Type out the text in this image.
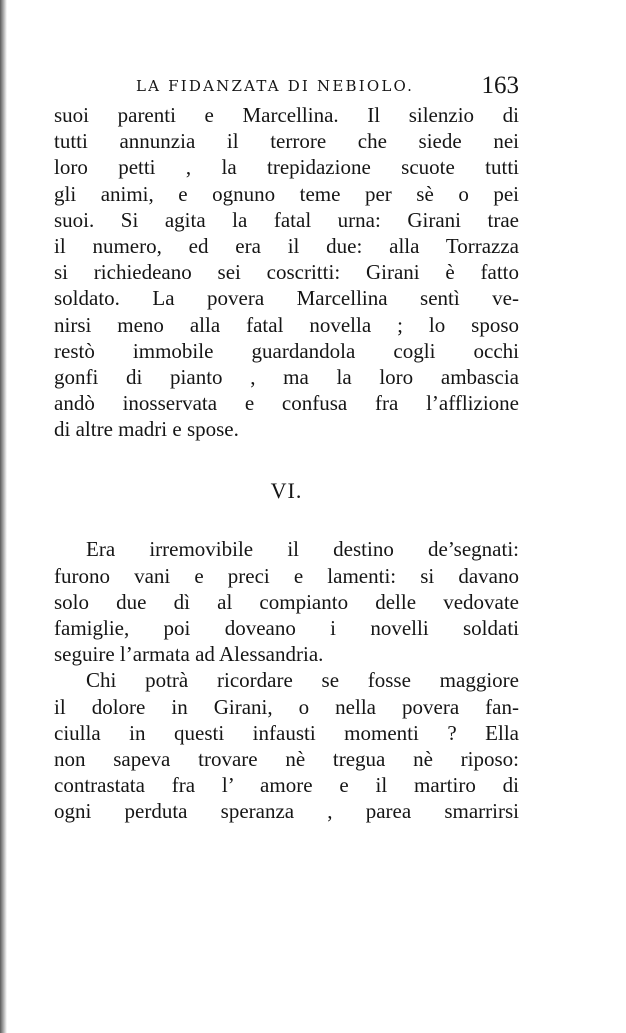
LA FIDANZATA DI NEBIOLO.	163
suoi parenti e Marcellina. Il silenzio di
tutti annunzia il terrore che siede nei
loro petti , la trepidazione scuote tutti
gli animi, e ognuno teme per sè o pei
suoi. Si agita la fatal urna: Girani trae
il numero, ed era il due: alla Torrazza
si richiedeano sei coscritti: Girani è fatto
soldato. La povera Marcellina sentì ve-
nirsi meno alla fatal novella ; lo sposo
restò immobile guardandola cogli occhi
gonfi di pianto , ma la loro ambascia
andò inosservata e confusa fra l’afflizione
di altre madri e spose.
VI.
Era irremovibile il destino de’segnati:
furono vani e preci e lamenti: si davano
solo due dì al compianto delle vedovate
famiglie, poi doveano i novelli soldati
seguire l’armata ad Alessandria.
Chi potrà ricordare se fosse maggiore
il dolore in Girani, o nella povera fan-
ciulla in questi infausti momenti ? Ella
non sapeva trovare nè tregua nè riposo:
contrastata fra l’ amore e il martiro di
ogni perduta speranza , parea smarrirsi
